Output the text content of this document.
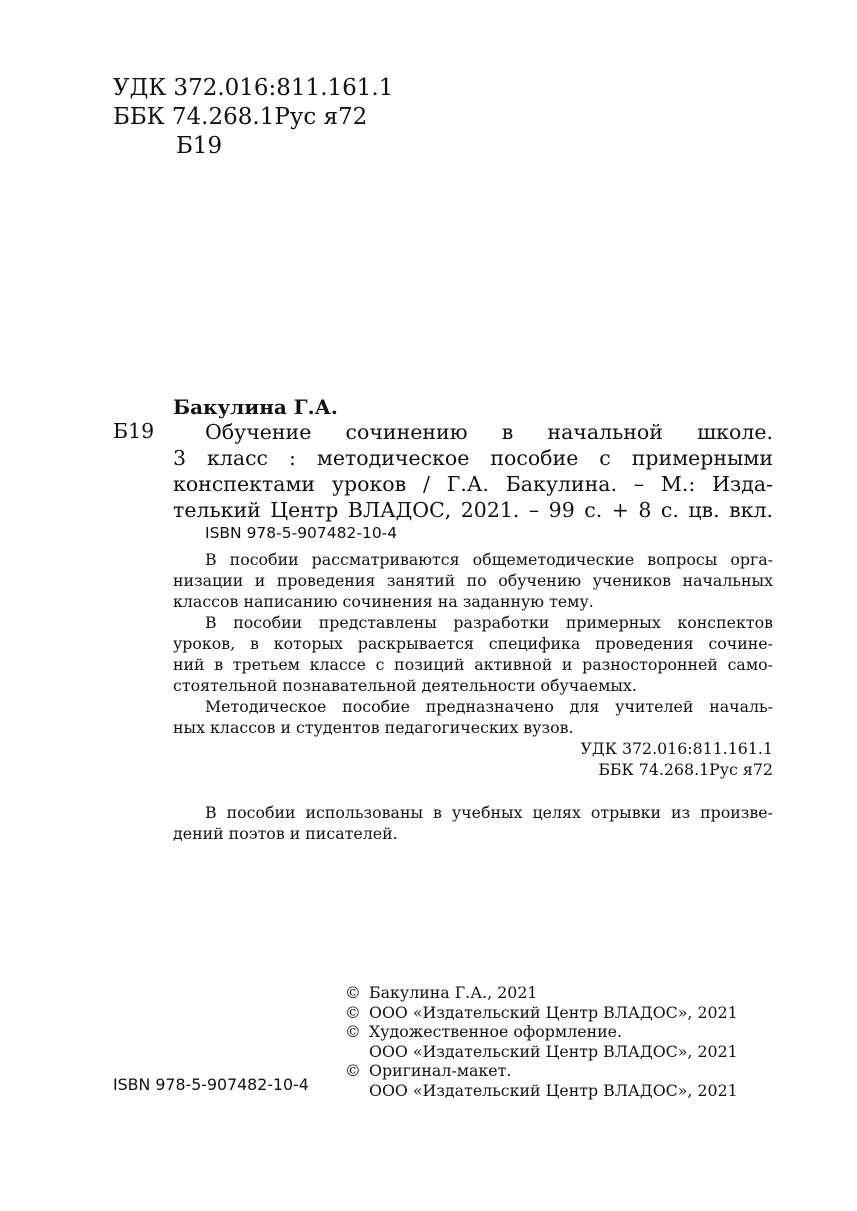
УДК 372.016:811.161.1
ББК 74.268.1Рус я72
Б19
Бакулина Г.А.
Б19	Обучение сочинению в начальной школе.
3 класс : методическое пособие с примерными
конспектами уроков / Г.А. Бакулина. – М.: Изда-
телький Центр ВЛАДОС, 2021. – 99 с. + 8 с. цв. вкл.
ISBN 978-5-907482-10-4
В пособии рассматриваются общеметодические вопросы орга-
низации и проведения занятий по обучению учеников начальных
классов написанию сочинения на заданную тему.
В пособии представлены разработки примерных конспектов
уроков, в которых раскрывается специфика проведения сочине-
ний в третьем классе с позиций активной и разносторонней само-
стоятельной познавательной деятельности обучаемых.
Методическое пособие предназначено для учителей началь-
ных классов и студентов педагогических вузов.
УДК 372.016:811.161.1
ББК 74.268.1Рус я72
В пособии использованы в учебных целях отрывки из произве-
дений поэтов и писателей.
© Бакулина Г.А., 2021
© ООО «Издательский Центр ВЛАДОС», 2021
© Художественное оформление.
ООО «Издательский Центр ВЛАДОС», 2021
© Оригинал-макет.
ООО «Издательский Центр ВЛАДОС», 2021
ISBN 978-5-907482-10-4
